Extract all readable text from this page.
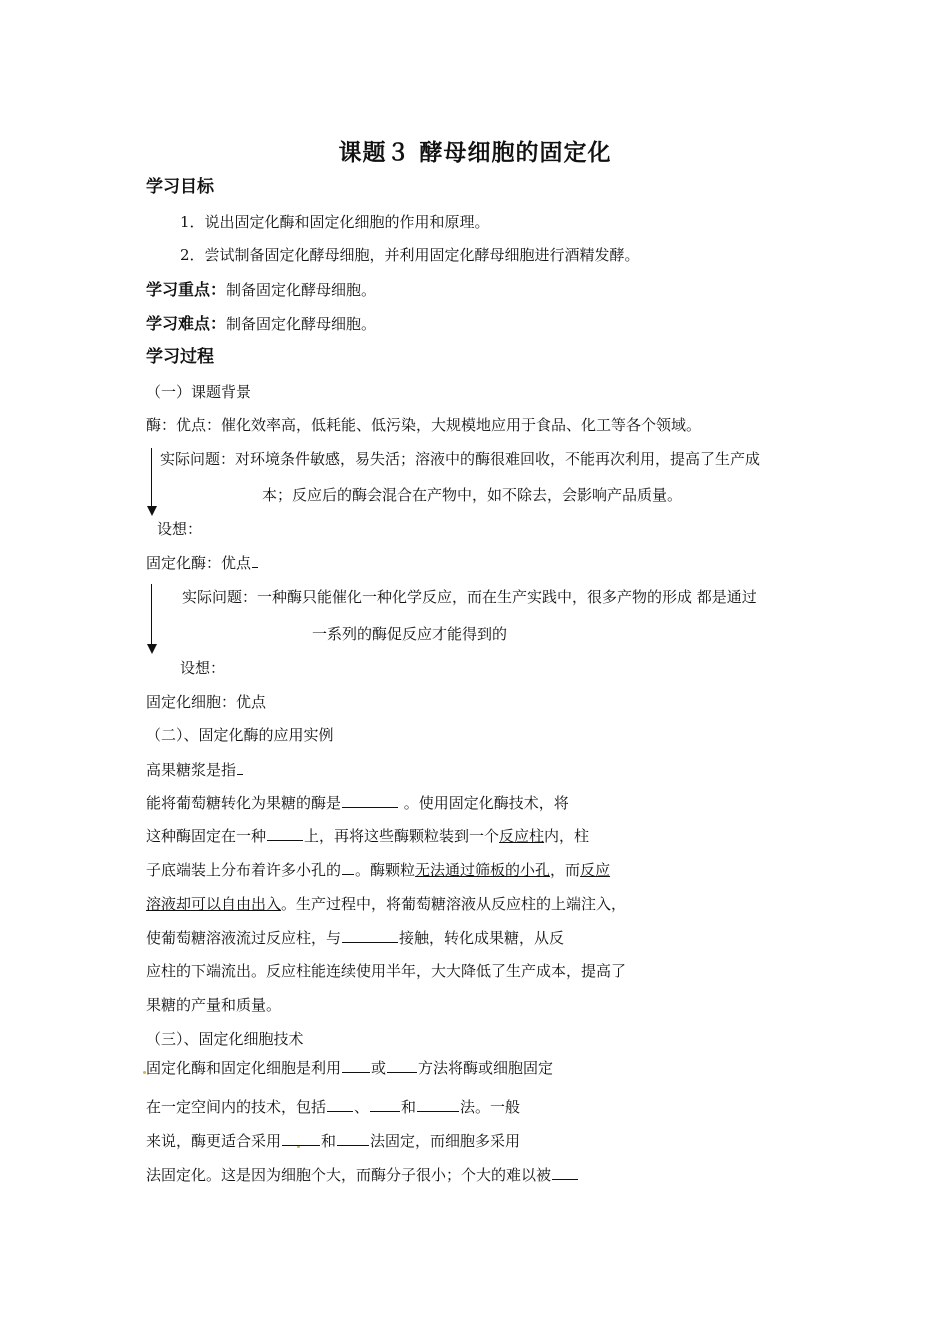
课题３ 酵母细胞的固定化
学习目标
1．说出固定化酶和固定化细胞的作用和原理。
2．尝试制备固定化酵母细胞，并利用固定化酵母细胞进行酒精发酵。
学习重点：制备固定化酵母细胞。
学习难点：制备固定化酵母细胞。
学习过程
（一）课题背景
酶：优点：催化效率高，低耗能、低污染，大规模地应用于食品、化工等各个领域。
实际问题：对环境条件敏感，易失活；溶液中的酶很难回收，不能再次利用，提高了生产成
本；反应后的酶会混合在产物中，如不除去，会影响产品质量。
设想：
固定化酶：优点
实际问题：一种酶只能催化一种化学反应，而在生产实践中，很多产物的形成 都是通过
一系列的酶促反应才能得到的
设想：
固定化细胞：优点
（二）、固定化酶的应用实例
高果糖浆是指
能将葡萄糖转化为果糖的酶是	。使用固定化酶技术，将
这种酶固定在一种	上，再将这些酶颗粒装到一个反应柱内，柱
子底端装上分布着许多小孔的 。酶颗粒无法通过筛板的小孔，而反应
溶液却可以自由出入。生产过程中，将葡萄糖溶液从反应柱的上端注入，
使葡萄糖溶液流过反应柱，与	接触，转化成果糖，从反
应柱的下端流出。反应柱能连续使用半年，大大降低了生产成本，提高了
果糖的产量和质量。
（三）、固定化细胞技术
固定化酶和固定化细胞是利用 或 方法将酶或细胞固定
在一定空间内的技术，包括 、 和	法。一般
来说，酶更适合采用	和 法固定，而细胞多采用
法固定化。这是因为细胞个大，而酶分子很小；个大的难以被
